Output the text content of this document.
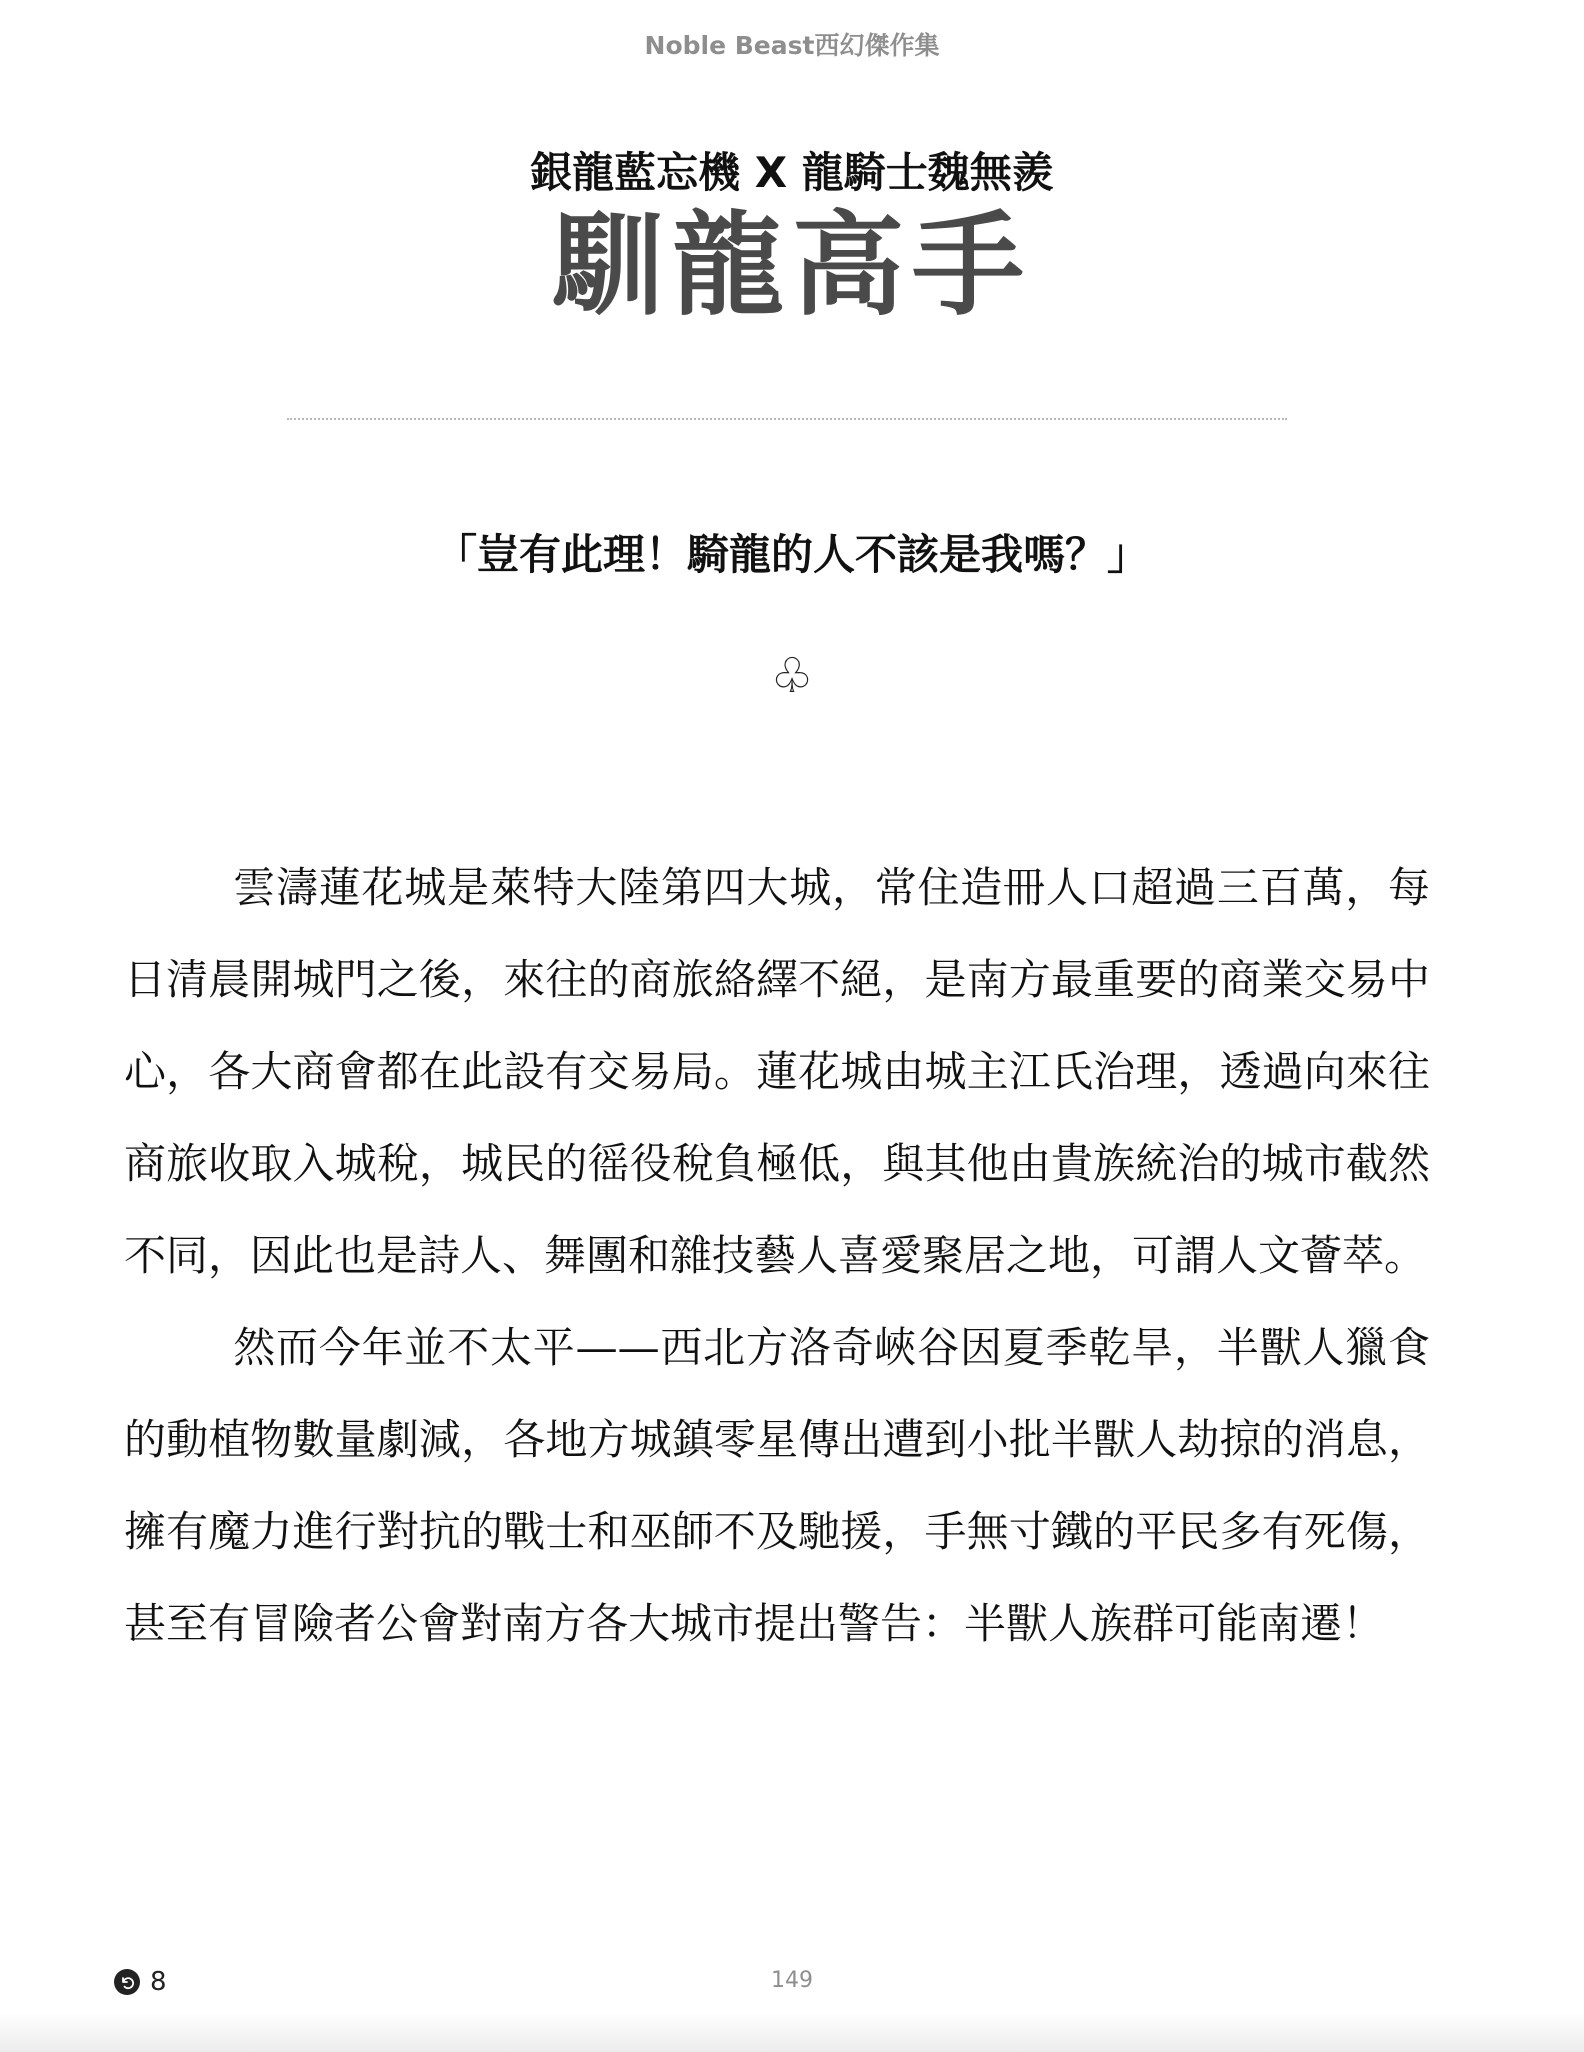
Noble Beast西幻傑作集
銀龍藍忘機 X 龍騎士魏無羨
馴龍高手
「豈有此理！騎龍的人不該是我嗎？」
♧

雲濤蓮花城是萊特大陸第四大城，常住造冊人口超過三百萬，每日清晨開城門之後，來往的商旅絡繹不絕，是南方最重要的商業交易中心，各大商會都在此設有交易局。蓮花城由城主江氏治理，透過向來往商旅收取入城稅，城民的徭役稅負極低，與其他由貴族統治的城市截然不同，因此也是詩人、舞團和雜技藝人喜愛聚居之地，可謂人文薈萃。

然而今年並不太平——西北方洛奇峽谷因夏季乾旱，半獸人獵食的動植物數量劇減，各地方城鎮零星傳出遭到小批半獸人劫掠的消息，擁有魔力進行對抗的戰士和巫師不及馳援，手無寸鐵的平民多有死傷，甚至有冒險者公會對南方各大城市提出警告：半獸人族群可能南遷！

8	149
